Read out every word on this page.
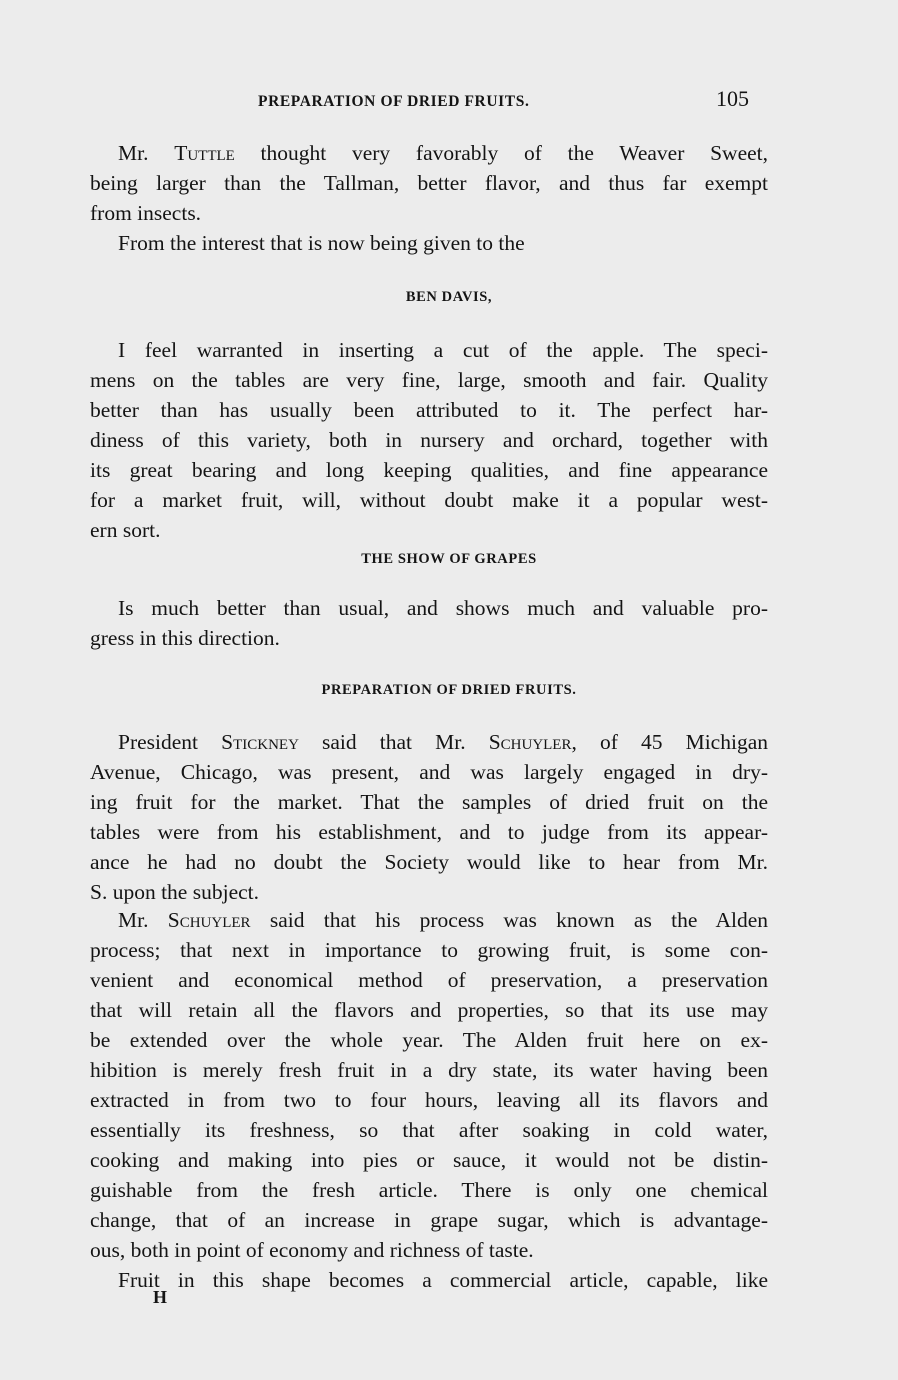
PREPARATION OF DRIED FRUITS.	105
Mr. Tuttle thought very favorably of the Weaver Sweet,
being larger than the Tallman, better flavor, and thus far exempt
from insects.
From the interest that is now being given to the
BEN DAVIS,
I feel warranted in inserting a cut of the apple. The speci-
mens on the tables are very fine, large, smooth and fair. Quality
better than has usually been attributed to it. The perfect har-
diness of this variety, both in nursery and orchard, together with
its great bearing and long keeping qualities, and fine appearance
for a market fruit, will, without doubt make it a popular west-
ern sort.
THE SHOW OF GRAPES
Is much better than usual, and shows much and valuable pro-
gress in this direction.
PREPARATION OF DRIED FRUITS.
President Stickney said that Mr. Schuyler, of 45 Michigan
Avenue, Chicago, was present, and was largely engaged in dry-
ing fruit for the market. That the samples of dried fruit on the
tables were from his establishment, and to judge from its appear-
ance he had no doubt the Society would like to hear from Mr.
S. upon the subject.
Mr. Schuyler said that his process was known as the Alden
process; that next in importance to growing fruit, is some con-
venient and economical method of preservation, a preservation
that will retain all the flavors and properties, so that its use may
be extended over the whole year. The Alden fruit here on ex-
hibition is merely fresh fruit in a dry state, its water having been
extracted in from two to four hours, leaving all its flavors and
essentially its freshness, so that after soaking in cold water,
cooking and making into pies or sauce, it would not be distin-
guishable from the fresh article. There is only one chemical
change, that of an increase in grape sugar, which is advantage-
ous, both in point of economy and richness of taste.
Fruit in this shape becomes a commercial article, capable, like
H
